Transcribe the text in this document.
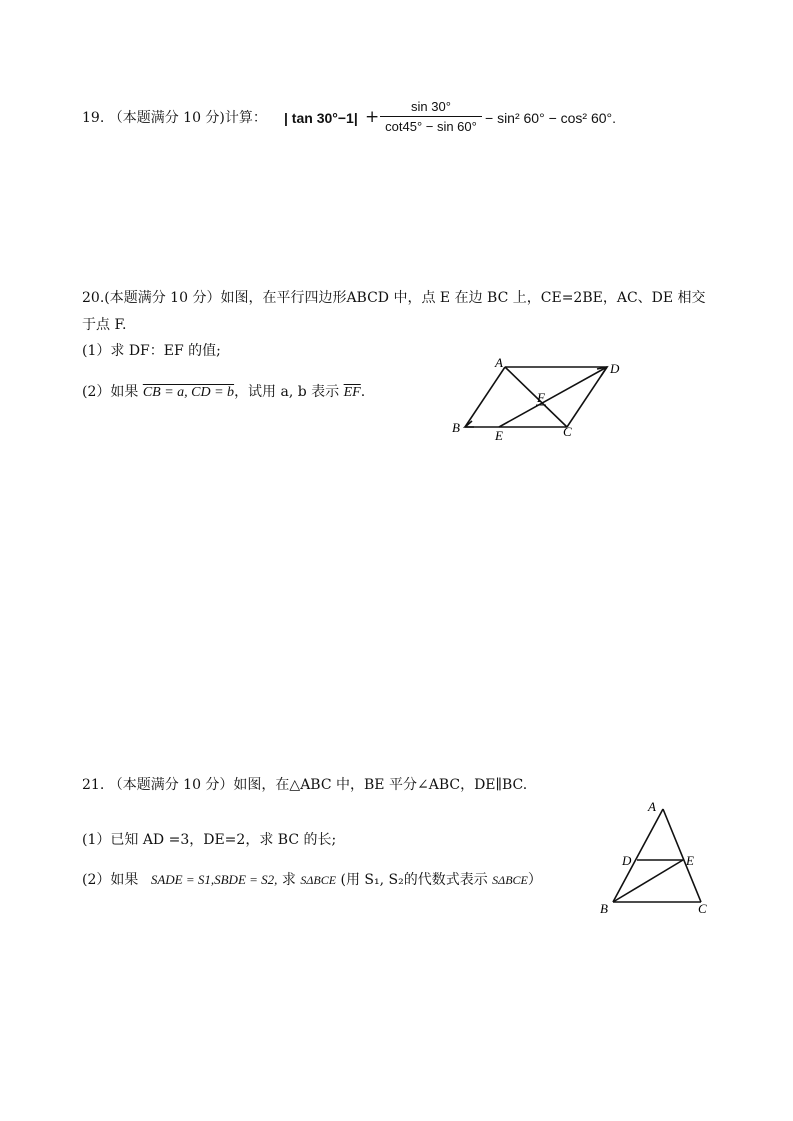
19. （本题满分 10 分)计算： | tan 30°−1| +
sin 30°
cot45° − sin 60°
− sin² 60° − cos² 60°.
20.(本题满分 10 分）如图，在平行四边形ABCD 中，点 E 在边 BC 上，CE=2BE，AC、DE 相交
于点 F.
(1）求 DF：EF 的值;
(2）如果 CB = a, CD = b，试用 a, b 表示 $\overline{EF}$.
A	D
F
B
E	C
21. （本题满分 10 分）如图，在△ABC 中，BE 平分∠ABC，DE∥BC.
(1）已知 AD =3，DE=2，求 BC 的长;
(2）如果 SADE = S1,SBDE = S2, 求 SΔBCE (用 S₁, S₂的代数式表示 SΔBCE）
A
D	E
B	C
